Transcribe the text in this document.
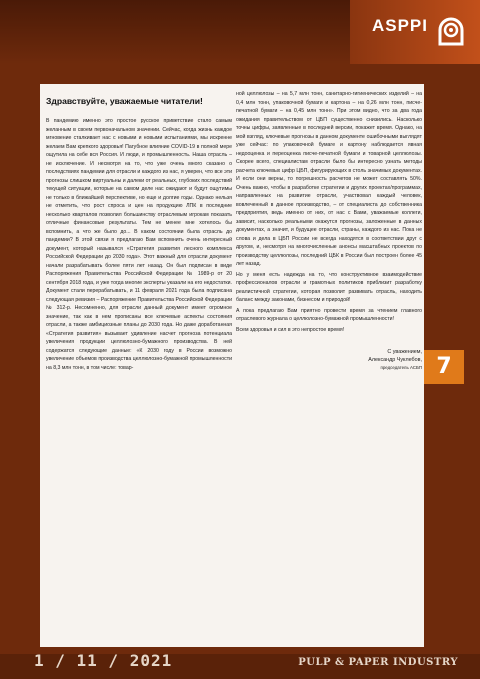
ASPPI
Здравствуйте, уважаемые читатели!

В пандемию именно это простое русское приветствие стало самым желанным в своем первоначальном значении. Сейчас, когда жизнь каждое мгновение сталкивает нас с новыми и новыми испытаниями, мы искренне желаем Вам крепкого здоровья! Пагубное влияние COVID-19 в полной мере ощутила на себе вся Россия. И люди, и промышленность. Наша отрасль – не исключение. И несмотря на то, что уже очень много сказано о последствиях пандемии для отрасли и каждого из нас, я уверен, что все эти прогнозы слишком виртуальны и далеки от реальных, глубоких последствий текущей ситуации, которые на самом деле нас ожидают и будут ощутимы не только в ближайшей перспективе, но еще и долгие годы. Однако нельзя не отметить, что рост спроса и цен на продукцию ЛПК в последние несколько кварталов позволил большинству отраслевым игрокам показать отличные финансовые результаты. Тем не менее мне хотелось бы вспомнить, а что же было до... В каком состоянии была отрасль до пандемии? В этой связи я предлагаю Вам вспомнить очень интересный документ, который назывался «Стратегия развития лесного комплекса Российской Федерации до 2030 года». Этот важный для отрасли документ начали разрабатывать более пяти лет назад. Он был подписан в виде Распоряжения Правительства Российской Федерации № 1989-р от 20 сентября 2018 года, и уже тогда многие эксперты указали на его недостатки. Документ стали перерабатывать, и 11 февраля 2021 года была подписана следующая ревизия – Распоряжение Правительства Российской Федерации № 312-р. Несомненно, для отрасли данный документ имеет огромное значение, так как в нем прописаны все ключевые аспекты состояния отрасли, а также амбициозные планы до 2030 года. Но даже доработанная «Стратегия развития» вызывает удивление насчет прогноза потенциала увеличения продукции целлюлозно-бумажного производства. В ней содержатся следующие данные: «К 2030 году в России возможно увеличение объемов производства целлюлозно-бумажной промышленности на 8,3 млн тонн, в том числе: товар-

ной целлюлозы – на 5,7 млн тонн, санитарно-гигиенических изделий – на 0,4 млн тонн, упаковочной бумаги и картона – на 0,26 млн тонн, писче-печатной бумаги – на 0,45 млн тонн». При этом видно, что за два года ожидания правительством от ЦБП существенно снизились. Насколько точны цифры, заявленные в последней версии, покажет время. Однако, на мой взгляд, ключевые прогнозы в данном документе ошибочными выглядят уже сейчас: по упаковочной бумаге и картону наблюдается явная недооценка и переоценка писче-печатной бумаги и товарной целлюлозы. Скорее всего, специалистам отрасли было бы интересно узнать методы расчета ключевых цифр ЦБП, фигурирующих в столь значимых документах. И если они верны, то погрешность расчетов не может составлять 50%. Очень важно, чтобы в разработке стратегии и других проектах/программах, направленных на развитие отрасли, участвовал каждый человек, вовлеченный в данное производство, – от специалиста до собственника предприятия, ведь именно от них, от нас с Вами, уважаемые коллеги, зависит, насколько реальными окажутся прогнозы, заложенные в данных документах, а значит, и будущее отрасли, страны, каждого из нас. Пока не слова и дела в ЦБП России не всегда находятся в соответствии друг с другом, и, несмотря на многочисленные анонсы масштабных проектов по производству целлюлозы, последний ЦБК в России был построен более 45 лет назад.

Но у меня есть надежда на то, что конструктивное взаимодействие профессионалов отрасли и грамотных политиков приблизит разработку реалистичной стратегии, которая позволит развивать отрасль, находить баланс между законами, бизнесом и природой!

А пока предлагаю Вам приятно провести время за чтением главного отраслевого журнала о целлюлозно-бумажной промышленности!

Всем здоровья и сил в это непростое время!

С уважением,
Александр Чуклебов,
председатель АСБП 7
1 / 11 / 2021	PULP & PAPER INDUSTRY
